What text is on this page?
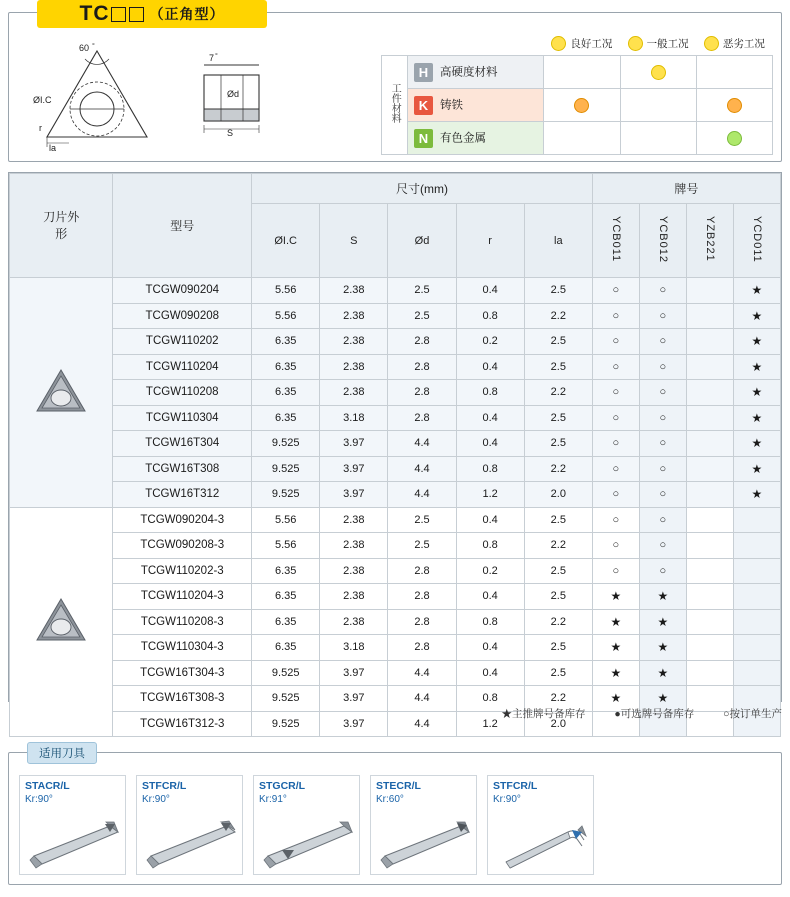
TC	（正角型）
60 °
ØI.C
la
r
7 °
Ød
S

		良好工况	一般工况	恶劣工况

工件材料	H 高硬度材料			
	K 铸铁			
	N 有色金属			
刀片外形	型号	尺寸(mm)					牌号			
		ØI.C	S	Ød	r	la	YCB011	YCB012	YZB221	YCD011
	TCGW090204	5.56	2.38	2.5	0.4	2.5	○	○		★
	TCGW090208	5.56	2.38	2.5	0.8	2.2	○	○		★
	TCGW110202	6.35	2.38	2.8	0.2	2.5	○	○		★
	TCGW110204	6.35	2.38	2.8	0.4	2.5	○	○		★
	TCGW110208	6.35	2.38	2.8	0.8	2.2	○	○		★
	TCGW110304	6.35	3.18	2.8	0.4	2.5	○	○		★
	TCGW16T304	9.525	3.97	4.4	0.4	2.5	○	○		★
	TCGW16T308	9.525	3.97	4.4	0.8	2.2	○	○		★
	TCGW16T312	9.525	3.97	4.4	1.2	2.0	○	○		★
	TCGW090204-3	5.56	2.38	2.5	0.4	2.5	○	○		
	TCGW090208-3	5.56	2.38	2.5	0.8	2.2	○	○		
	TCGW110202-3	6.35	2.38	2.8	0.2	2.5	○	○		
	TCGW110204-3	6.35	2.38	2.8	0.4	2.5	★	★		
	TCGW110208-3	6.35	2.38	2.8	0.8	2.2	★	★		
	TCGW110304-3	6.35	3.18	2.8	0.4	2.5	★	★		
	TCGW16T304-3	9.525	3.97	4.4	0.4	2.5	★	★		
	TCGW16T308-3	9.525	3.97	4.4	0.8	2.2	★	★		
	TCGW16T312-3	9.525	3.97	4.4	1.2	2.0				
★主推牌号备库存	●可选牌号备库存	○按订单生产
适用刀具
STACR/L
Kr:90°
STFCR/L
Kr:90°
STGCR/L
Kr:91°
STECR/L
Kr:60°
STFCR/L
Kr:90°
